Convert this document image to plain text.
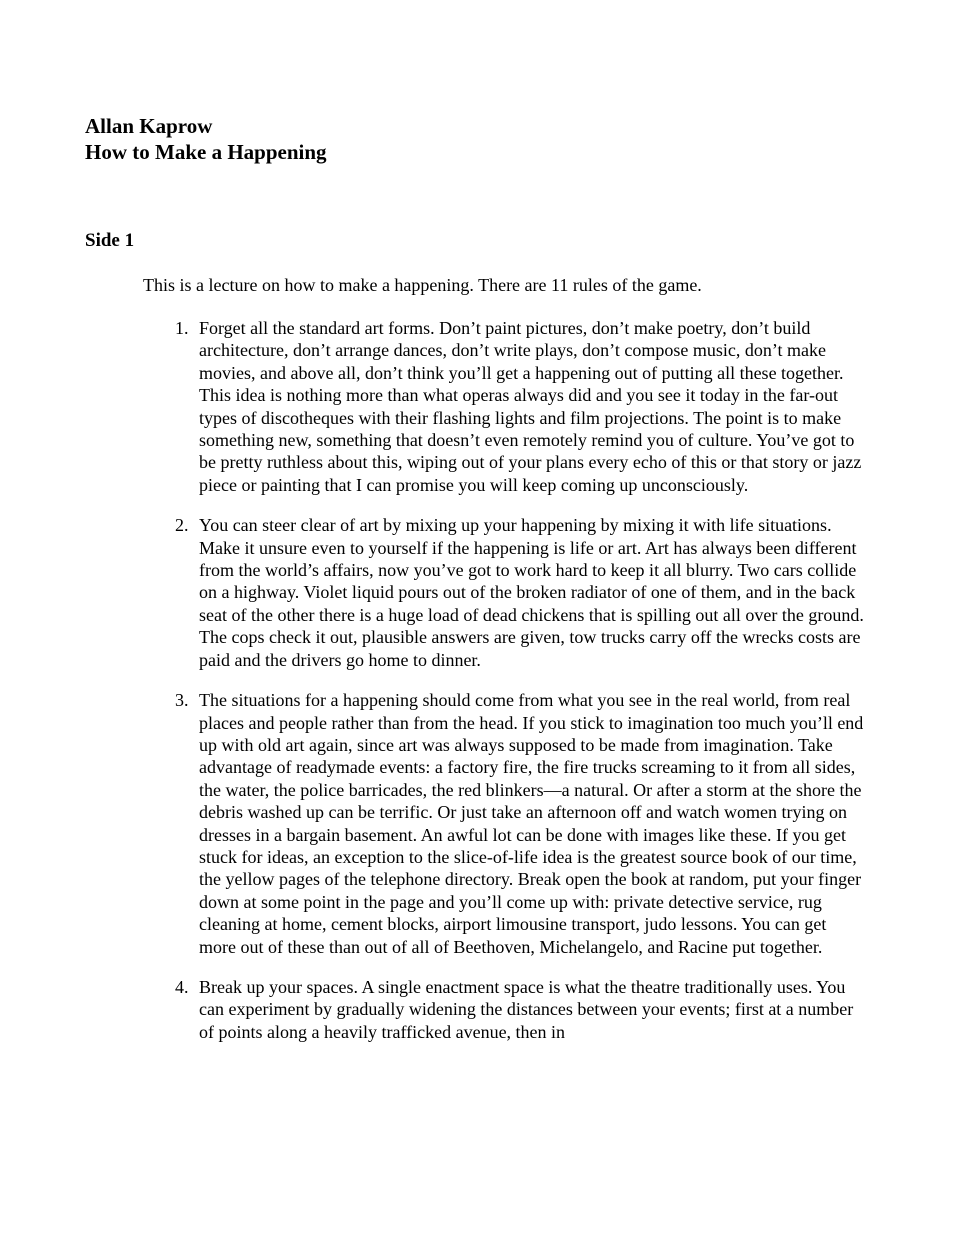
Allan Kaprow
How to Make a Happening
Side 1

This is a lecture on how to make a happening. There are 11 rules of the game.

1. Forget all the standard art forms. Don’t paint pictures, don’t make poetry, don’t build architecture, don’t arrange dances, don’t write plays, don’t compose music, don’t make movies, and above all, don’t think you’ll get a happening out of putting all these together. This idea is nothing more than what operas always did and you see it today in the far-out types of discotheques with their flashing lights and film projections. The point is to make something new, something that doesn’t even remotely remind you of culture. You’ve got to be pretty ruthless about this, wiping out of your plans every echo of this or that story or jazz piece or painting that I can promise you will keep coming up unconsciously.
2. You can steer clear of art by mixing up your happening by mixing it with life situations. Make it unsure even to yourself if the happening is life or art. Art has always been different from the world’s affairs, now you’ve got to work hard to keep it all blurry. Two cars collide on a highway. Violet liquid pours out of the broken radiator of one of them, and in the back seat of the other there is a huge load of dead chickens that is spilling out all over the ground. The cops check it out, plausible answers are given, tow trucks carry off the wrecks costs are paid and the drivers go home to dinner.
3. The situations for a happening should come from what you see in the real world, from real places and people rather than from the head. If you stick to imagination too much you’ll end up with old art again, since art was always supposed to be made from imagination. Take advantage of readymade events: a factory fire, the fire trucks screaming to it from all sides, the water, the police barricades, the red blinkers—a natural. Or after a storm at the shore the debris washed up can be terrific. Or just take an afternoon off and watch women trying on dresses in a bargain basement. An awful lot can be done with images like these. If you get stuck for ideas, an exception to the slice-of-life idea is the greatest source book of our time, the yellow pages of the telephone directory. Break open the book at random, put your finger down at some point in the page and you’ll come up with: private detective service, rug cleaning at home, cement blocks, airport limousine transport, judo lessons. You can get more out of these than out of all of Beethoven, Michelangelo, and Racine put together.
4. Break up your spaces. A single enactment space is what the theatre traditionally uses. You can experiment by gradually widening the distances between your events; first at a number of points along a heavily trafficked avenue, then in
